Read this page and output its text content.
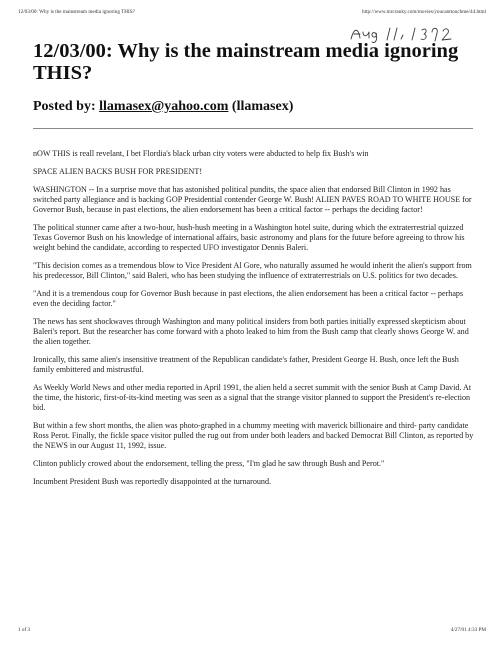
12/03/00: Why is the mainstream media ignoring THIS?	http://www.mrcranky.com/movies/youcanttouchme/44.html
12/03/00: Why is the mainstream media ignoring THIS?
Posted by: llamasex@yahoo.com (llamasex)

nOW THIS is reall revelant, I bet Flordia's black urban city voters were abducted to help fix Bush's win

SPACE ALIEN BACKS BUSH FOR PRESIDENT!

WASHINGTON -- In a surprise move that has astonished political pundits, the space alien that endorsed Bill Clinton in 1992 has switched party allegiance and is backing GOP Presidential contender George W. Bush! ALIEN PAVES ROAD TO WHITE HOUSE for Governor Bush, because in past elections, the alien endorsement has been a critical factor -- perhaps the deciding factor!

The political stunner came after a two-hour, hush-hush meeting in a Washington hotel suite, during which the extraterrestrial quizzed Texas Governor Bush on his knowledge of international affairs, basic astronomy and plans for the future before agreeing to throw his weight behind the candidate, according to respected UFO investigator Dennis Baleri.

"This decision comes as a tremendous blow to Vice President Al Gore, who naturally assumed he would inherit the alien's support from his predecessor, Bill Clinton," said Baleri, who has been studying the influence of extraterrestrials on U.S. politics for two decades.

"And it is a tremendous coup for Governor Bush because in past elections, the alien endorsement has been a critical factor -- perhaps even the deciding factor."

The news has sent shockwaves through Washington and many political insiders from both parties initially expressed skepticism about Baleri's report. But the researcher has come forward with a photo leaked to him from the Bush camp that clearly shows George W. and the alien together.

Ironically, this same alien's insensitive treatment of the Republican candidate's father, President George H. Bush, once left the Bush family embittered and mistrustful.

As Weekly World News and other media reported in April 1991, the alien held a secret summit with the senior Bush at Camp David. At the time, the historic, first-of-its-kind meeting was seen as a signal that the strange visitor planned to support the President's re-election bid.

But within a few short months, the alien was photo-graphed in a chummy meeting with maverick billionaire and third- party candidate Ross Perot. Finally, the fickle space visitor pulled the rug out from under both leaders and backed Democrat Bill Clinton, as reported by the NEWS in our August 11, 1992, issue.

Clinton publicly crowed about the endorsement, telling the press, "I'm glad he saw through Bush and Perot."

Incumbent President Bush was reportedly disappointed at the turnaround.

1 of 3	4/27/01 4:33 PM
